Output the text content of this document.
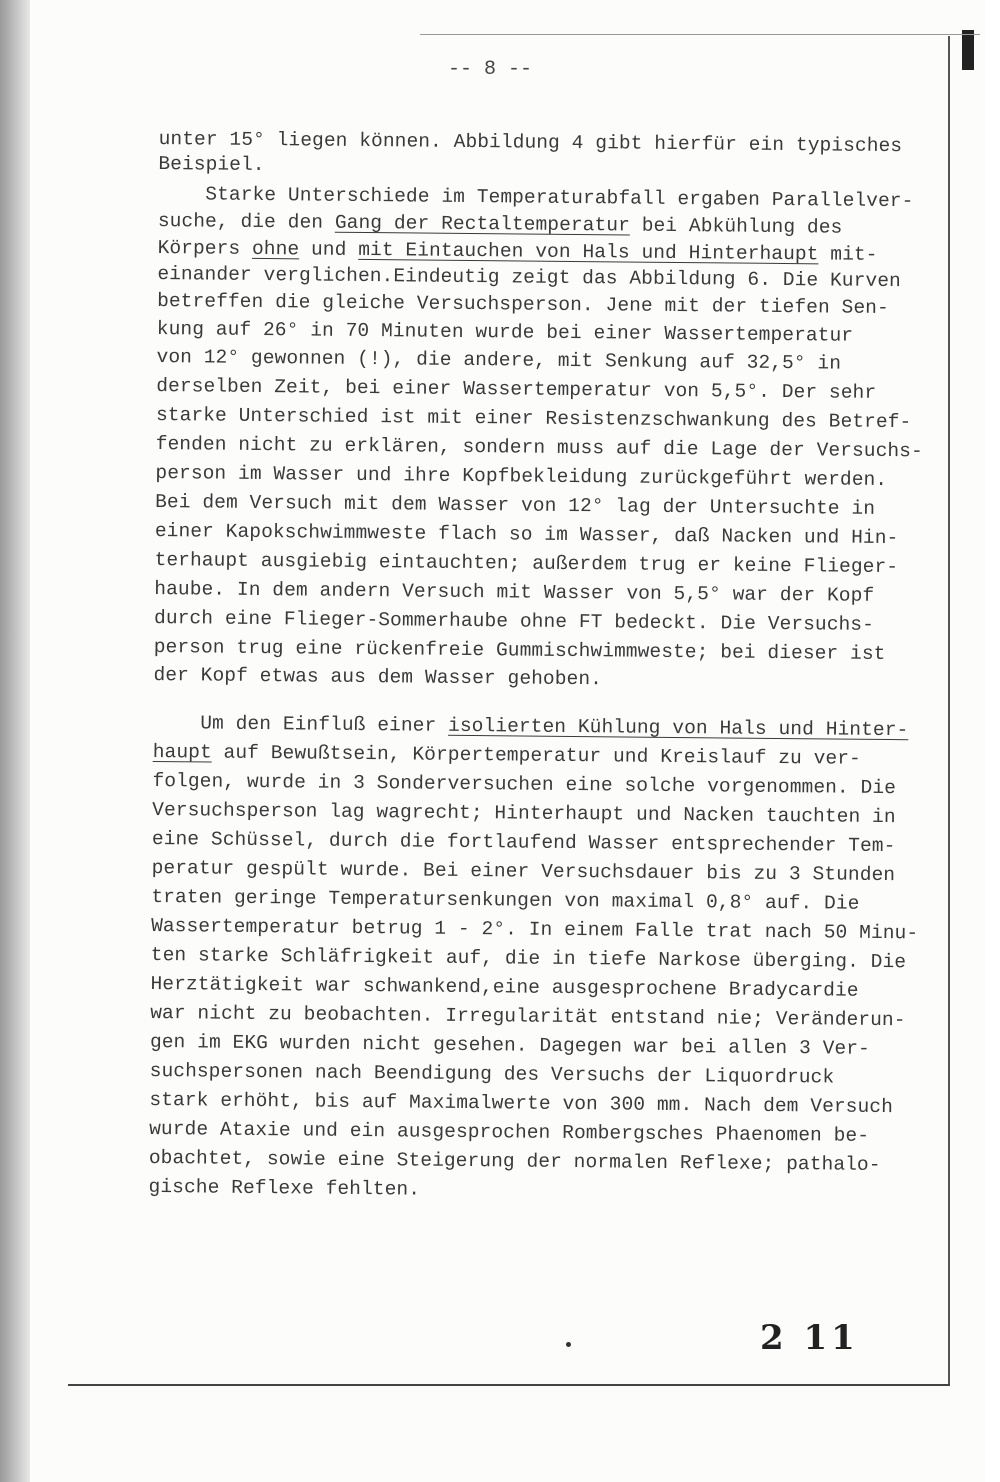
-- 8 --
unter 15° liegen können. Abbildung 4 gibt hierfür ein typisches
Beispiel.
Starke Unterschiede im Temperaturabfall ergaben Parallelver-
suche, die den Gang der Rectaltemperatur bei Abkühlung des
Körpers ohne und mit Eintauchen von Hals und Hinterhaupt mit-
einander verglichen.Eindeutig zeigt das Abbildung 6. Die Kurven
betreffen die gleiche Versuchsperson. Jene mit der tiefen Sen-
kung auf 26° in 70 Minuten wurde bei einer Wassertemperatur
von 12° gewonnen (!), die andere, mit Senkung auf 32,5° in
derselben Zeit, bei einer Wassertemperatur von 5,5°. Der sehr
starke Unterschied ist mit einer Resistenzschwankung des Betref-
fenden nicht zu erklären, sondern muss auf die Lage der Versuchs-
person im Wasser und ihre Kopfbekleidung zurückgeführt werden.
Bei dem Versuch mit dem Wasser von 12° lag der Untersuchte in
einer Kapokschwimmweste flach so im Wasser, daß Nacken und Hin-
terhaupt ausgiebig eintauchten; außerdem trug er keine Flieger-
haube. In dem andern Versuch mit Wasser von 5,5° war der Kopf
durch eine Flieger-Sommerhaube ohne FT bedeckt. Die Versuchs-
person trug eine rückenfreie Gummischwimmweste; bei dieser ist
der Kopf etwas aus dem Wasser gehoben.
Um den Einfluß einer isolierten Kühlung von Hals und Hinter-
haupt auf Bewußtsein, Körpertemperatur und Kreislauf zu ver-
folgen, wurde in 3 Sonderversuchen eine solche vorgenommen. Die
Versuchsperson lag wagrecht; Hinterhaupt und Nacken tauchten in
eine Schüssel, durch die fortlaufend Wasser entsprechender Tem-
peratur gespült wurde. Bei einer Versuchsdauer bis zu 3 Stunden
traten geringe Temperatursenkungen von maximal 0,8° auf. Die
Wassertemperatur betrug 1 - 2°. In einem Falle trat nach 50 Minu-
ten starke Schläfrigkeit auf, die in tiefe Narkose überging. Die
Herztätigkeit war schwankend,eine ausgesprochene Bradycardie
war nicht zu beobachten. Irregularität entstand nie; Veränderun-
gen im EKG wurden nicht gesehen. Dagegen war bei allen 3 Ver-
suchspersonen nach Beendigung des Versuchs der Liquordruck
stark erhöht, bis auf Maximalwerte von 300 mm. Nach dem Versuch
wurde Ataxie und ein ausgesprochen Rombergsches Phaenomen be-
obachtet, sowie eine Steigerung der normalen Reflexe; pathalo-
gische Reflexe fehlten.
2 11
